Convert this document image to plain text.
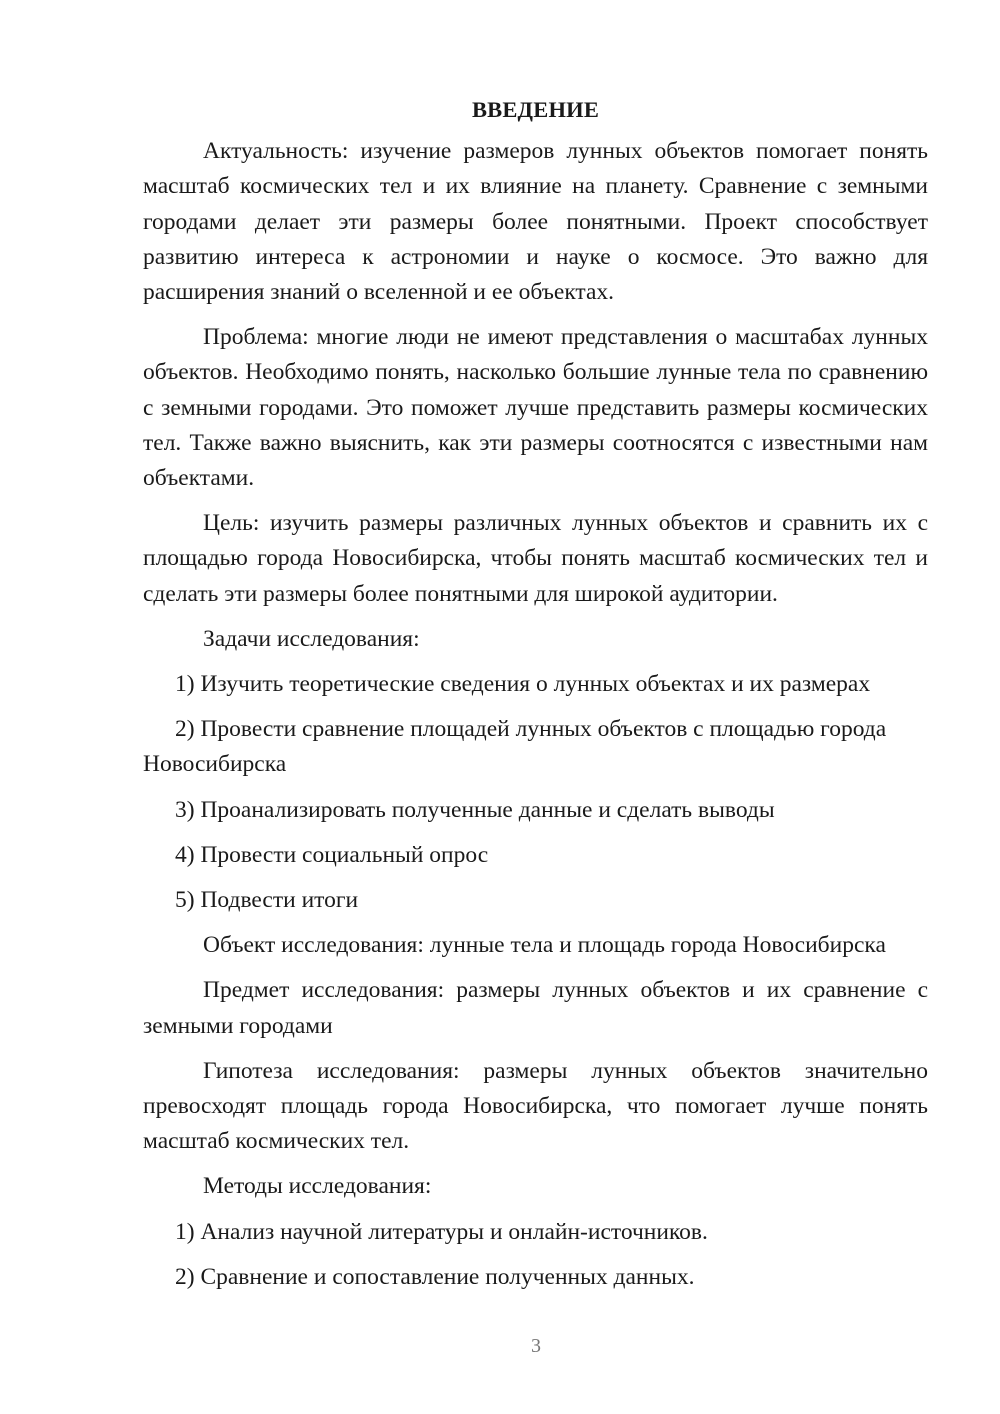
ВВЕДЕНИЕ

Актуальность: изучение размеров лунных объектов помогает понять масштаб космических тел и их влияние на планету. Сравнение с земными городами делает эти размеры более понятными. Проект способствует развитию интереса к астрономии и науке о космосе. Это важно для расширения знаний о вселенной и ее объектах.

Проблема: многие люди не имеют представления о масштабах лунных объектов. Необходимо понять, насколько большие лунные тела по сравнению с земными городами. Это поможет лучше представить размеры космических тел. Также важно выяснить, как эти размеры соотносятся с известными нам объектами.

Цель: изучить размеры различных лунных объектов и сравнить их с площадью города Новосибирска, чтобы понять масштаб космических тел и сделать эти размеры более понятными для широкой аудитории.

Задачи исследования:

1) Изучить теоретические сведения о лунных объектах и их размерах

2) Провести сравнение площадей лунных объектов с площадью города Новосибирска

3) Проанализировать полученные данные и сделать выводы

4) Провести социальный опрос

5) Подвести итоги

Объект исследования: лунные тела и площадь города Новосибирска

Предмет исследования: размеры лунных объектов и их сравнение с земными городами

Гипотеза исследования: размеры лунных объектов значительно превосходят площадь города Новосибирска, что помогает лучше понять масштаб космических тел.

Методы исследования:

1) Анализ научной литературы и онлайн-источников.

2) Сравнение и сопоставление полученных данных.

3
